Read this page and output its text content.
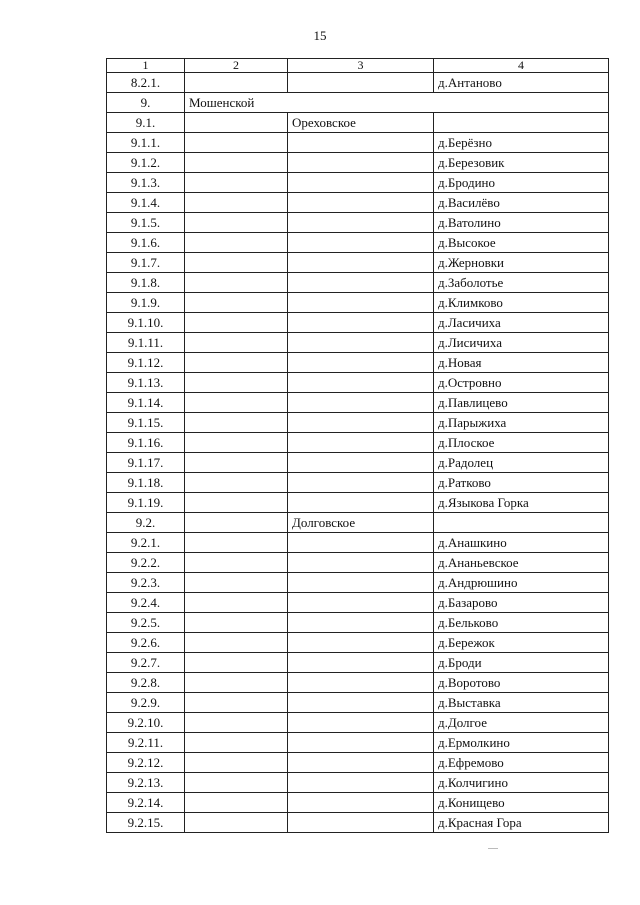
15
1	2	3	4
8.2.1.			д.Антаново
9.	Мошенской		
9.1.		Ореховское	
9.1.1.			д.Берёзно
9.1.2.			д.Березовик
9.1.3.			д.Бродино
9.1.4.			д.Василёво
9.1.5.			д.Ватолино
9.1.6.			д.Высокое
9.1.7.			д.Жерновки
9.1.8.			д.Заболотье
9.1.9.			д.Климково
9.1.10.			д.Ласичиха
9.1.11.			д.Лисичиха
9.1.12.			д.Новая
9.1.13.			д.Островно
9.1.14.			д.Павлицево
9.1.15.			д.Парыжиха
9.1.16.			д.Плоское
9.1.17.			д.Радолец
9.1.18.			д.Ратково
9.1.19.			д.Языкова Горка
9.2.		Долговское	
9.2.1.			д.Анашкино
9.2.2.			д.Ананьевское
9.2.3.			д.Андрюшино
9.2.4.			д.Базарово
9.2.5.			д.Бельково
9.2.6.			д.Бережок
9.2.7.			д.Броди
9.2.8.			д.Воротово
9.2.9.			д.Выставка
9.2.10.			д.Долгое
9.2.11.			д.Ермолкино
9.2.12.			д.Ефремово
9.2.13.			д.Колчигино
9.2.14.			д.Конищево
9.2.15.			д.Красная Гора
